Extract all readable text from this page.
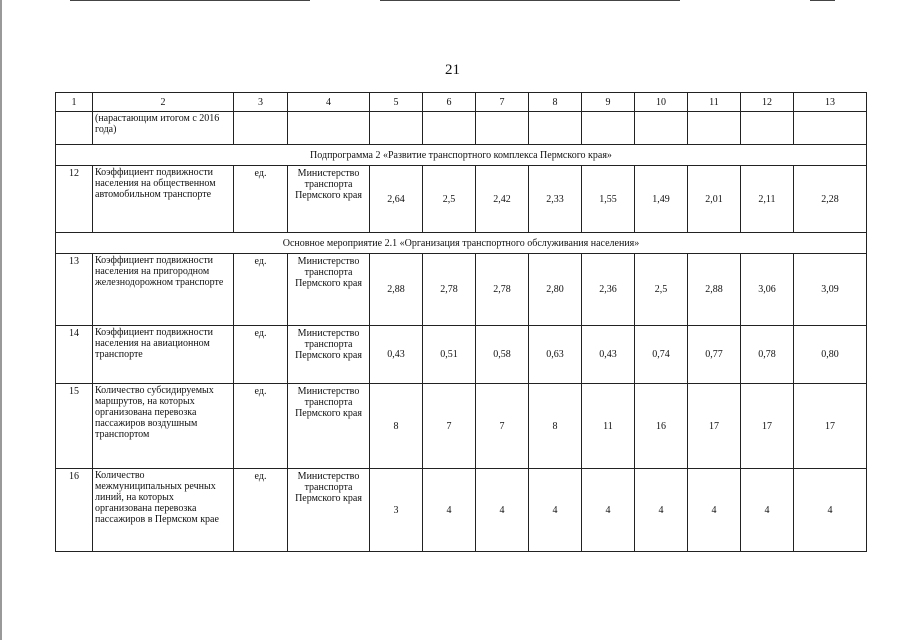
21
1	2	3	4	5	6	7	8	9	10	11	12	13
	(нарастающим итогом с 2016 года)											
Подпрограмма 2 «Развитие транспортного комплекса Пермского края»												
12	Коэффициент подвижности населения на общественном автомобильном транспорте	ед.	Министерство транспорта Пермского края	2,64	2,5	2,42	2,33	1,55	1,49	2,01	2,11	2,28
Основное мероприятие 2.1 «Организация транспортного обслуживания населения»												
13	Коэффициент подвижности населения на пригородном железнодорожном транспорте	ед.	Министерство транспорта Пермского края	2,88	2,78	2,78	2,80	2,36	2,5	2,88	3,06	3,09
14	Коэффициент подвижности населения на авиационном транспорте	ед.	Министерство транспорта Пермского края	0,43	0,51	0,58	0,63	0,43	0,74	0,77	0,78	0,80
15	Количество субсидируемых маршрутов, на которых организована перевозка пассажиров воздушным транспортом	ед.	Министерство транспорта Пермского края	8	7	7	8	11	16	17	17	17
16	Количество межмуниципальных речных линий, на которых организована перевозка пассажиров в Пермском крае	ед.	Министерство транспорта Пермского края	3	4	4	4	4	4	4	4	4
